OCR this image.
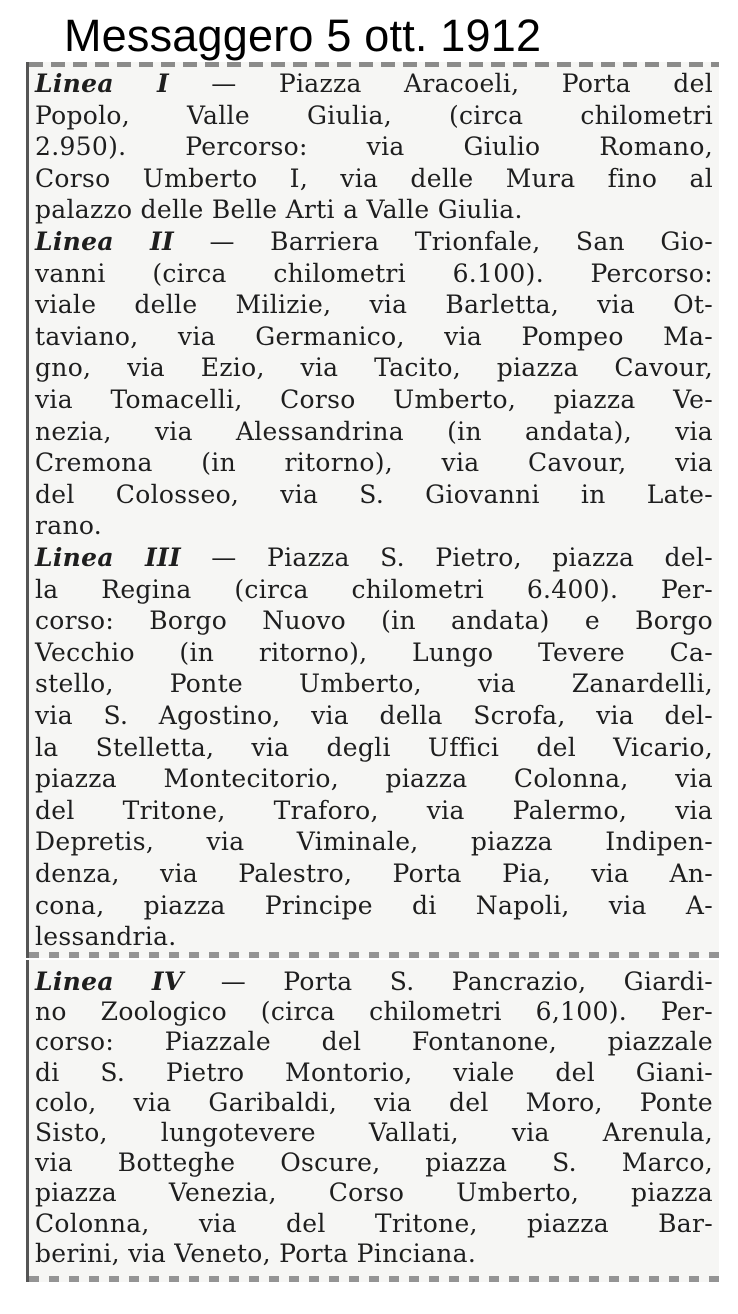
Messaggero 5 ott. 1912
Linea I — Piazza Aracoeli, Porta del
Popolo, Valle Giulia, (circa chilometri
2.950). Percorso: via Giulio Romano,
Corso Umberto I, via delle Mura fino al
palazzo delle Belle Arti a Valle Giulia.
Linea II — Barriera Trionfale, San Gio-
vanni (circa chilometri 6.100). Percorso:
viale delle Milizie, via Barletta, via Ot-
taviano, via Germanico, via Pompeo Ma-
gno, via Ezio, via Tacito, piazza Cavour,
via Tomacelli, Corso Umberto, piazza Ve-
nezia, via Alessandrina (in andata), via
Cremona (in ritorno), via Cavour, via
del Colosseo, via S. Giovanni in Late-
rano.
Linea III — Piazza S. Pietro, piazza del-
la Regina (circa chilometri 6.400). Per-
corso: Borgo Nuovo (in andata) e Borgo
Vecchio (in ritorno), Lungo Tevere Ca-
stello, Ponte Umberto, via Zanardelli,
via S. Agostino, via della Scrofa, via del-
la Stelletta, via degli Uffici del Vicario,
piazza Montecitorio, piazza Colonna, via
del Tritone, Traforo, via Palermo, via
Depretis, via Viminale, piazza Indipen-
denza, via Palestro, Porta Pia, via An-
cona, piazza Principe di Napoli, via A-
lessandria.
Linea IV — Porta S. Pancrazio, Giardi-
no Zoologico (circa chilometri 6,100). Per-
corso: Piazzale del Fontanone, piazzale
di S. Pietro Montorio, viale del Giani-
colo, via Garibaldi, via del Moro, Ponte
Sisto, lungotevere Vallati, via Arenula,
via Botteghe Oscure, piazza S. Marco,
piazza Venezia, Corso Umberto, piazza
Colonna, via del Tritone, piazza Bar-
berini, via Veneto, Porta Pinciana.
